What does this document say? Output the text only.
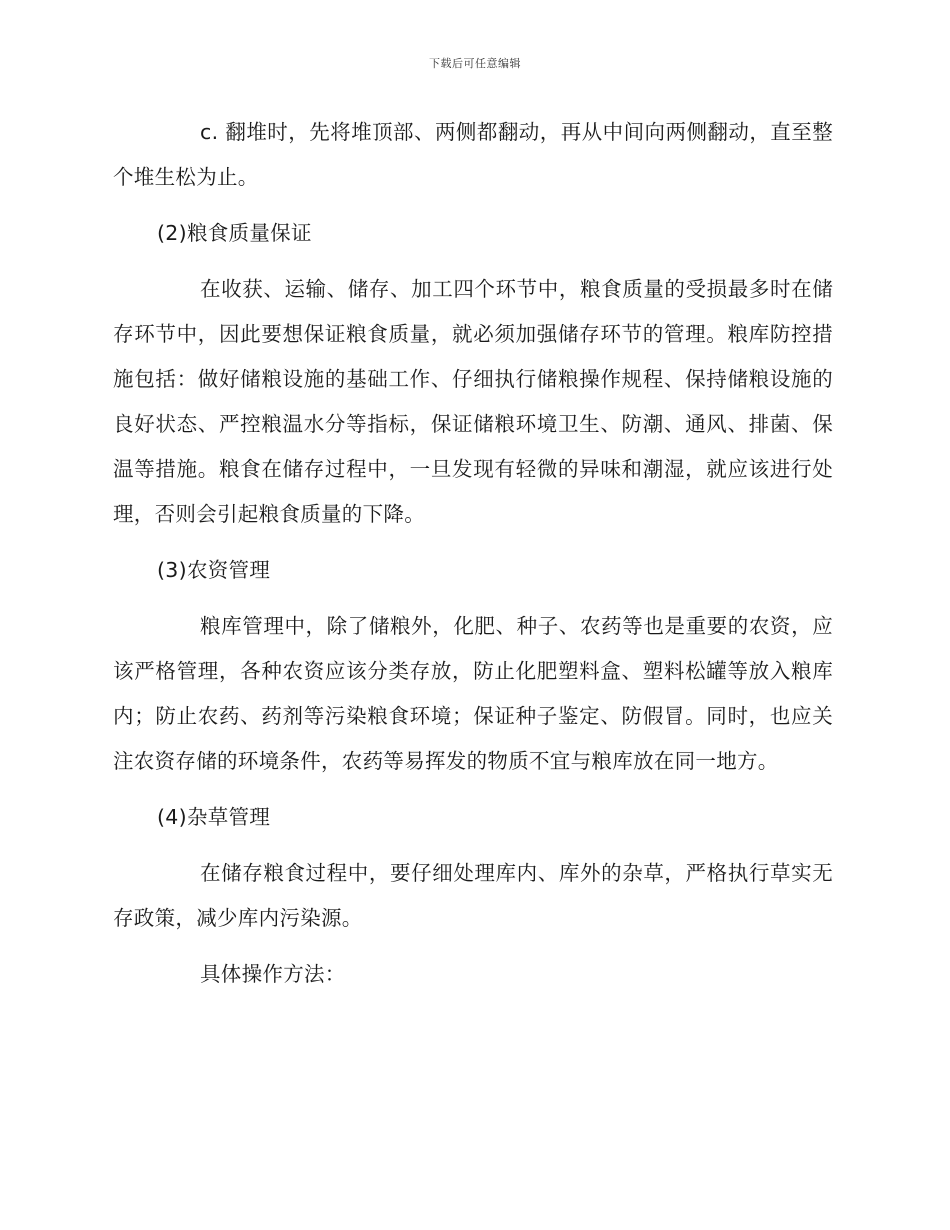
下载后可任意编辑

c. 翻堆时，先将堆顶部、两侧都翻动，再从中间向两侧翻动，直至整个堆生松为止。

(2)粮食质量保证

在收获、运输、储存、加工四个环节中，粮食质量的受损最多时在储存环节中，因此要想保证粮食质量，就必须加强储存环节的管理。粮库防控措施包括：做好储粮设施的基础工作、仔细执行储粮操作规程、保持储粮设施的良好状态、严控粮温水分等指标，保证储粮环境卫生、防潮、通风、排菌、保温等措施。粮食在储存过程中，一旦发现有轻微的异味和潮湿，就应该进行处理，否则会引起粮食质量的下降。

(3)农资管理

粮库管理中，除了储粮外，化肥、种子、农药等也是重要的农资，应该严格管理，各种农资应该分类存放，防止化肥塑料盒、塑料松罐等放入粮库内；防止农药、药剂等污染粮食环境；保证种子鉴定、防假冒。同时，也应关注农资存储的环境条件，农药等易挥发的物质不宜与粮库放在同一地方。

(4)杂草管理

在储存粮食过程中，要仔细处理库内、库外的杂草，严格执行草实无存政策，减少库内污染源。

具体操作方法：
